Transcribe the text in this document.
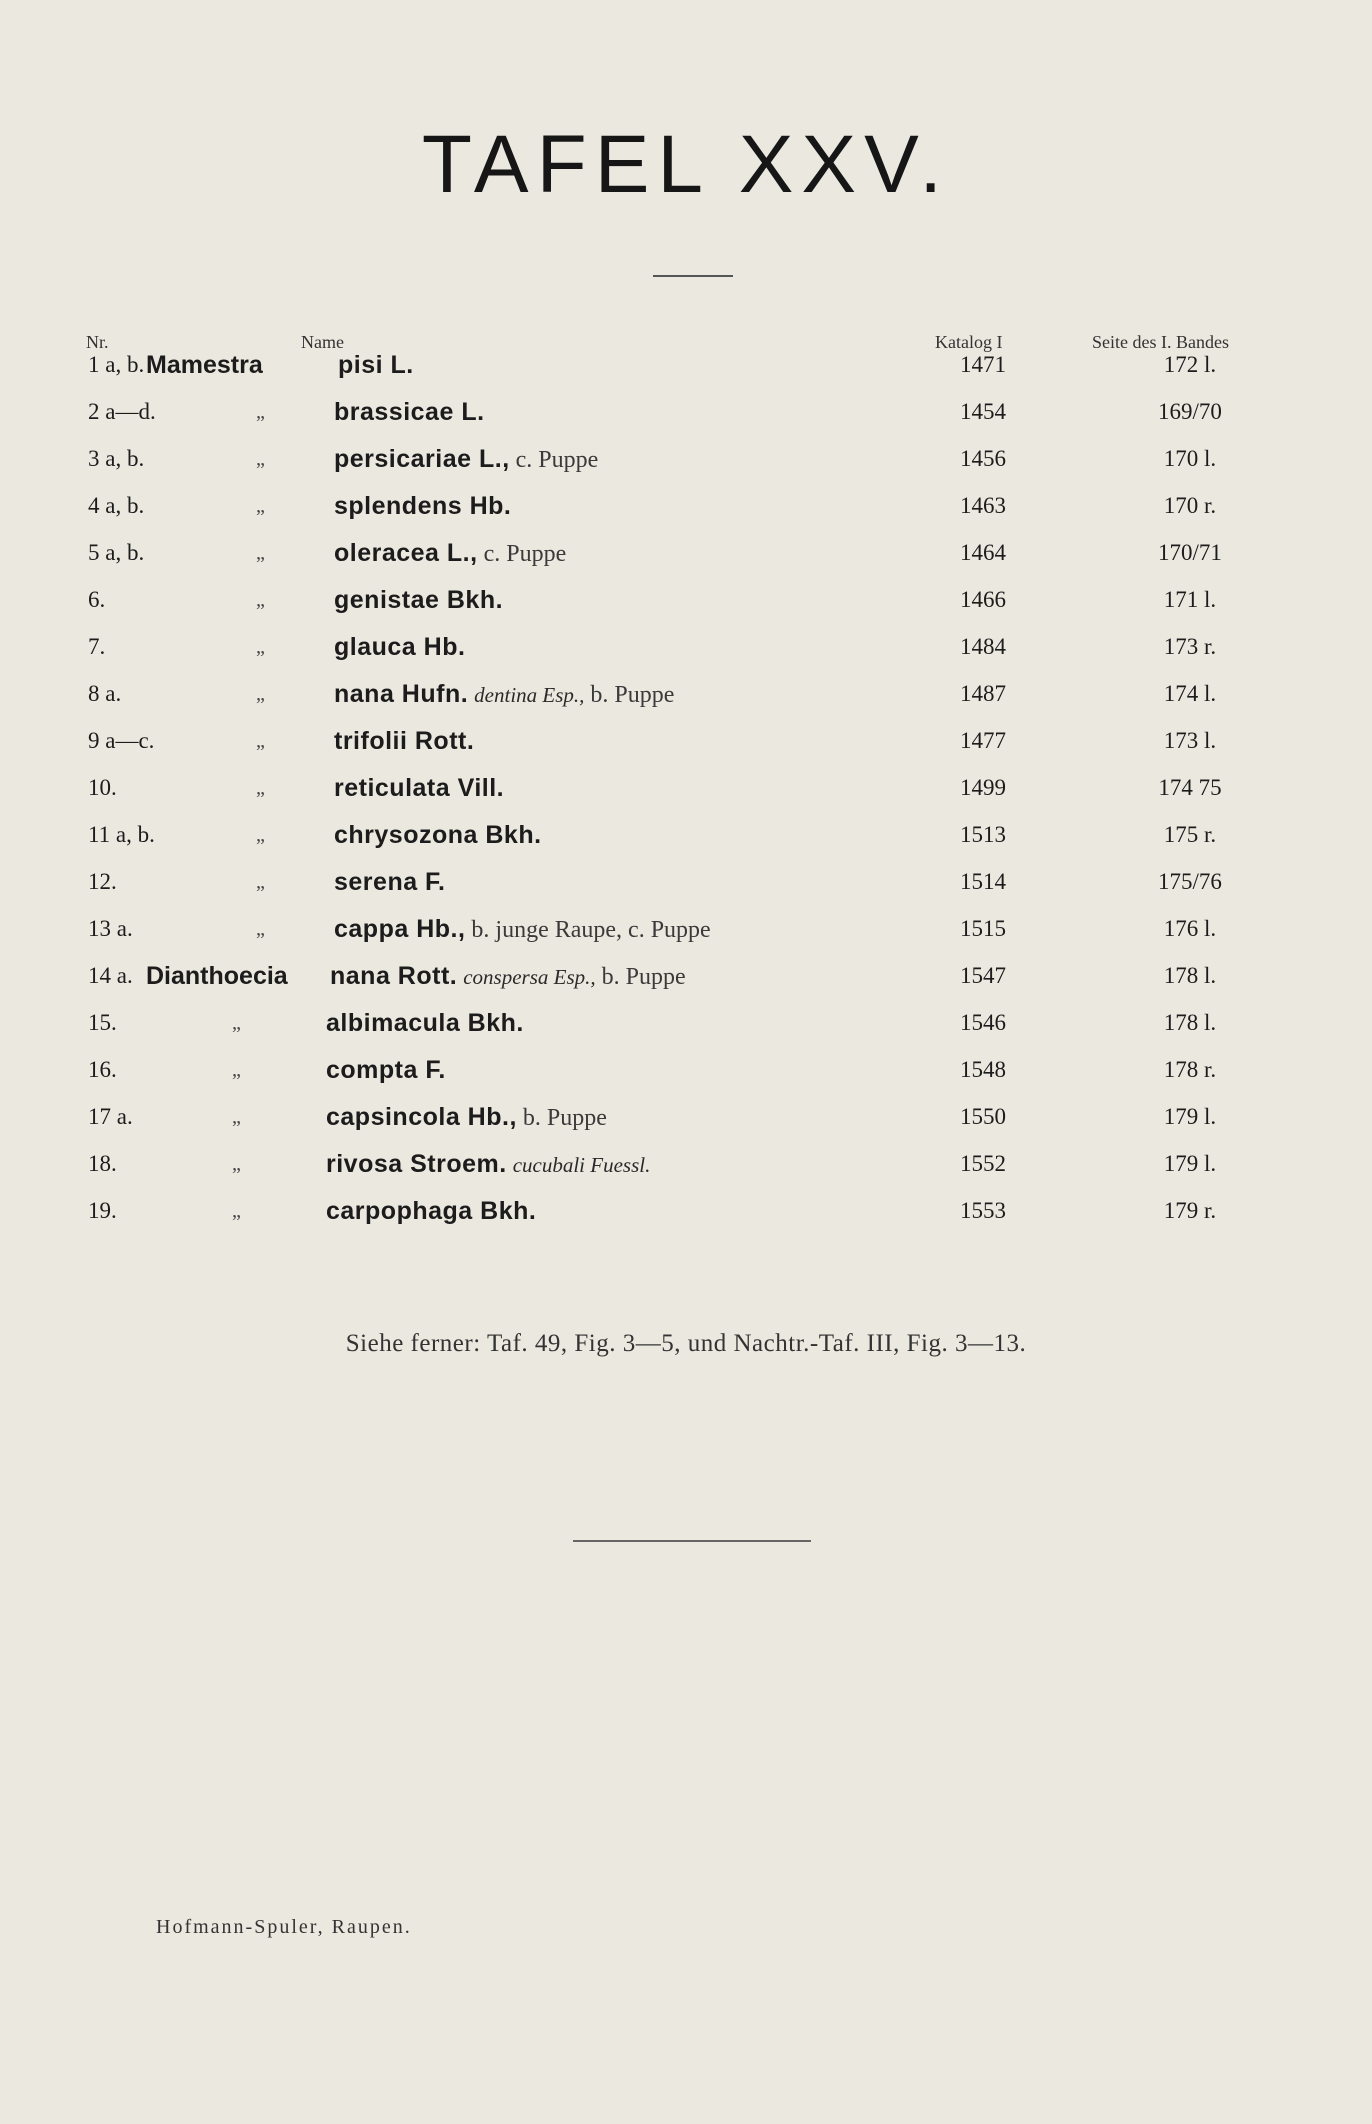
TAFEL XXV.
Nr.	Name	Katalog I	Seite des I. Bandes
1 a, b. Mamestra	pisi L.	1471	172 l.
2 a—d.	„	brassicae L.	1454	169/70
3 a, b.	„	persicariae L., c. Puppe	1456	170 l.
4 a, b.	„	splendens Hb.	1463	170 r.
5 a, b.	„	oleracea L., c. Puppe	1464	170/71
6.	„	genistae Bkh.	1466	171 l.
7.	„	glauca Hb.	1484	173 r.
8 a.	„	nana Hufn. dentina Esp., b. Puppe	1487	174 l.
9 a—c.	„	trifolii Rott.	1477	173 l.
10.	„	reticulata Vill.	1499	174 75
11 a, b.	„	chrysozona Bkh.	1513	175 r.
12.	„	serena F.	1514	175/76
13 a.	„	cappa Hb., b. junge Raupe, c. Puppe	1515	176 l.
14 a. Dianthoecia nana Rott. conspersa Esp., b. Puppe	1547	178 l.
15.	„	albimacula Bkh.	1546	178 l.
16.	„	compta F.	1548	178 r.
17 a.	„	capsincola Hb., b. Puppe	1550	179 l.
18.	„	rivosa Stroem. cucubali Fuessl.	1552	179 l.
19.	„	carpophaga Bkh.	1553	179 r.
Siehe ferner: Taf. 49, Fig. 3—5, und Nachtr.-Taf. III, Fig. 3—13.
Hofmann-Spuler, Raupen.
